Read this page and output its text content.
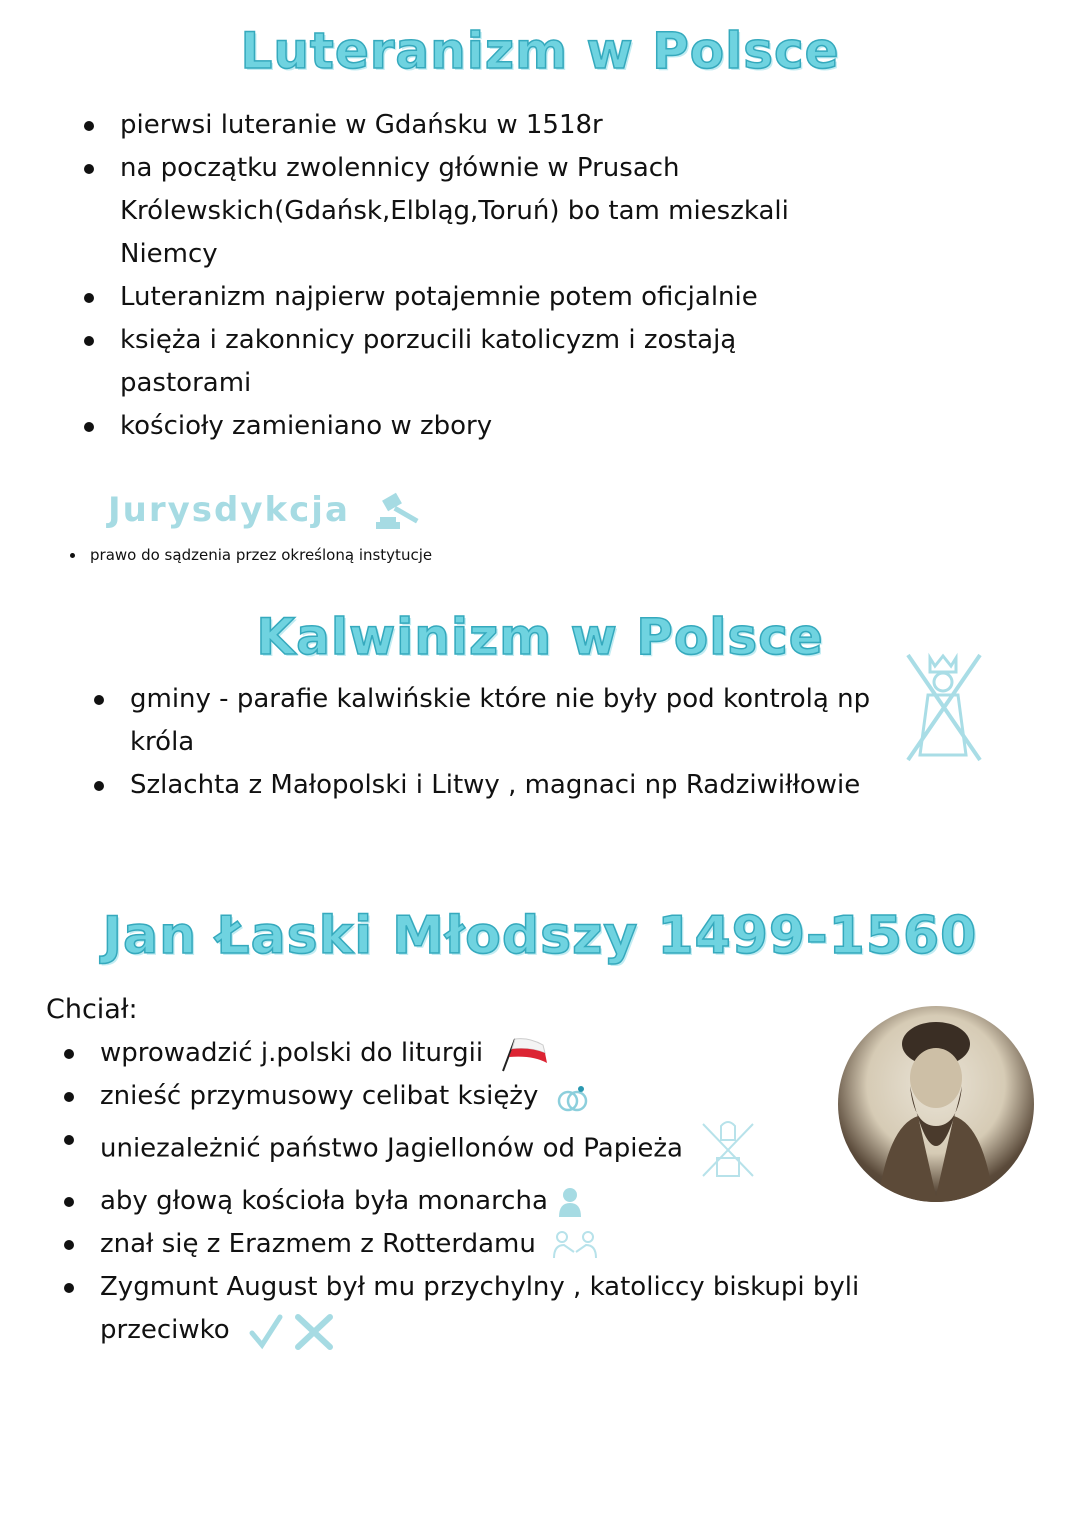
Luteranizm w Polsce
pierwsi luteranie w Gdańsku w 1518r
na początku zwolennicy głównie w Prusach Królewskich(Gdańsk,Elbląg,Toruń) bo tam mieszkali Niemcy
Luteranizm najpierw potajemnie potem oficjalnie
księża i zakonnicy porzucili katolicyzm i zostają pastorami
kościoły zamieniano w zbory
Jurysdykcja
prawo do sądzenia przez określoną instytucje
Kalwinizm w Polsce
gminy - parafie kalwińskie które nie były pod kontrolą np króla
Szlachta z Małopolski i Litwy , magnaci np Radziwiłłowie
Jan Łaski Młodszy 1499-1560
Chciał:
wprowadzić j.polski do liturgii
znieść przymusowy celibat księży
uniezależnić państwo Jagiellonów od Papieża
aby głową kościoła była monarcha
znał się z Erazmem z Rotterdamu
Zygmunt August był mu przychylny , katoliccy biskupi byli przeciwko
